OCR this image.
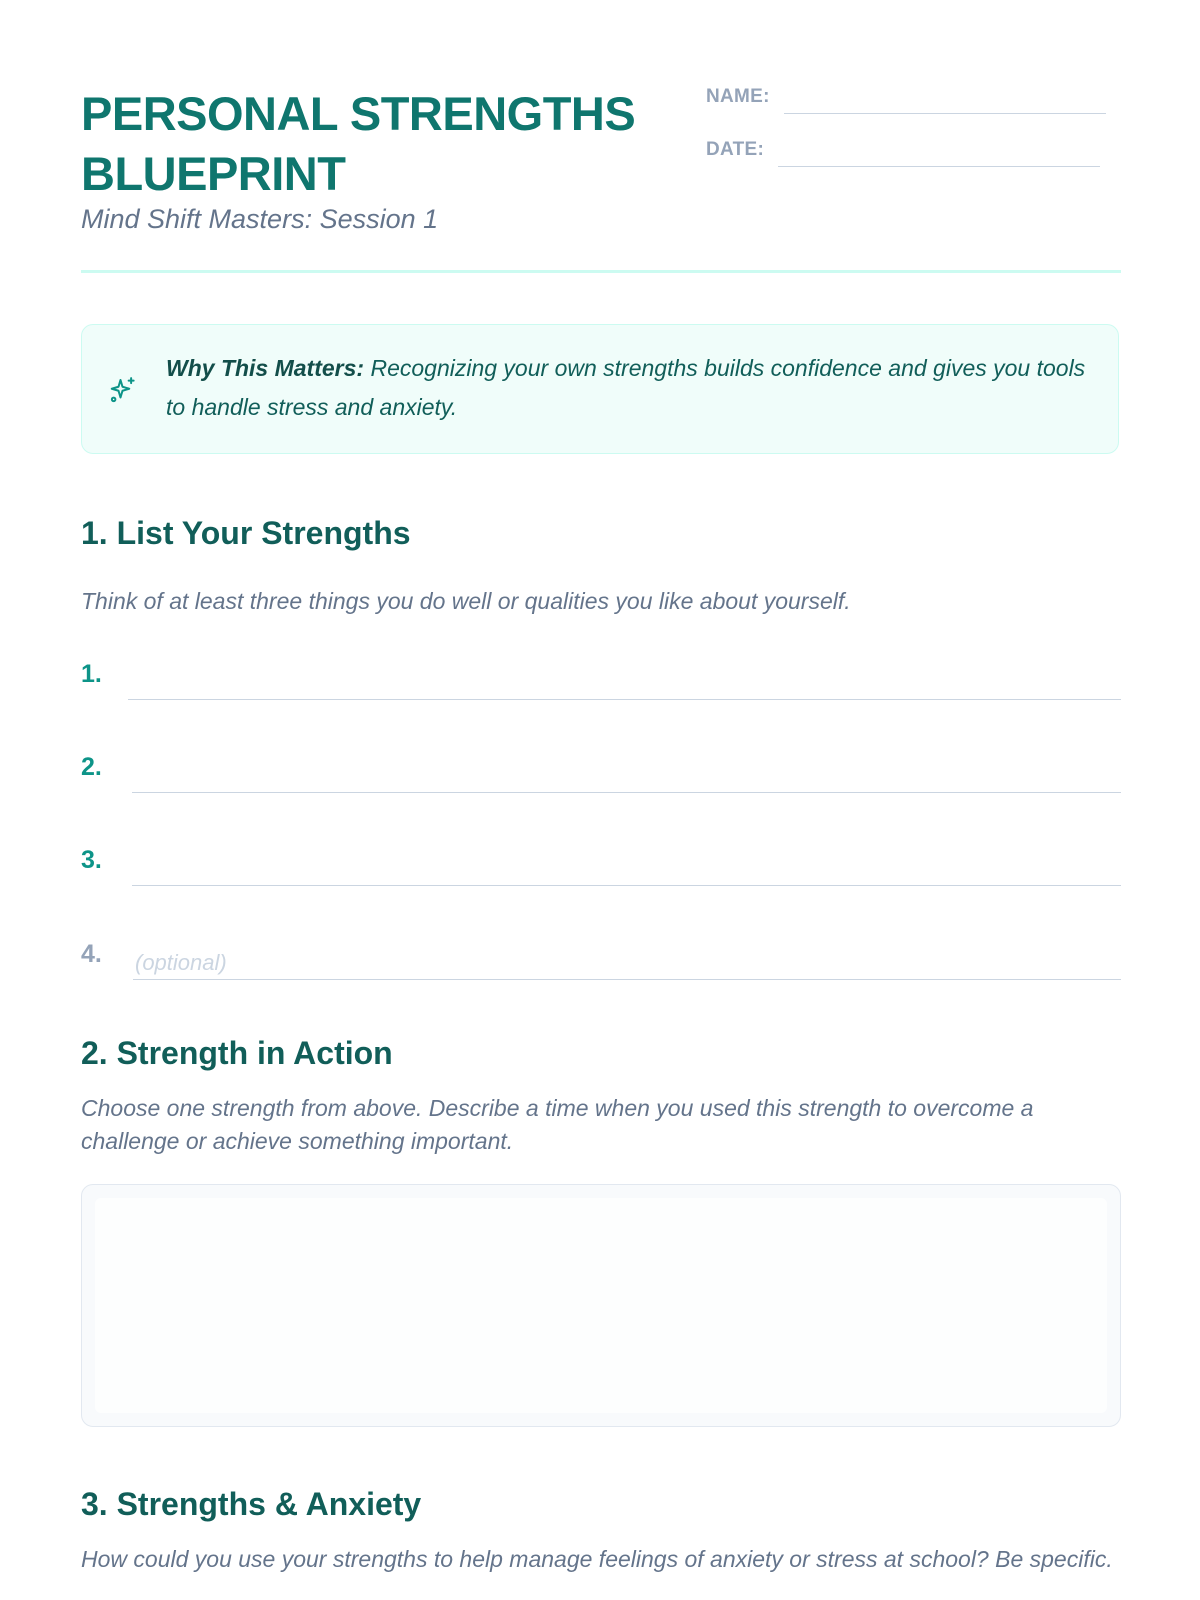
PERSONAL STRENGTHS BLUEPRINT
Mind Shift Masters: Session 1
NAME:
DATE:
Why This Matters: Recognizing your own strengths builds confidence and gives you tools to handle stress and anxiety.
1. List Your Strengths
Think of at least three things you do well or qualities you like about yourself.
1.
2.
3.
4. (optional)
2. Strength in Action
Choose one strength from above. Describe a time when you used this strength to overcome a challenge or achieve something important.
3. Strengths & Anxiety
How could you use your strengths to help manage feelings of anxiety or stress at school? Be specific.
